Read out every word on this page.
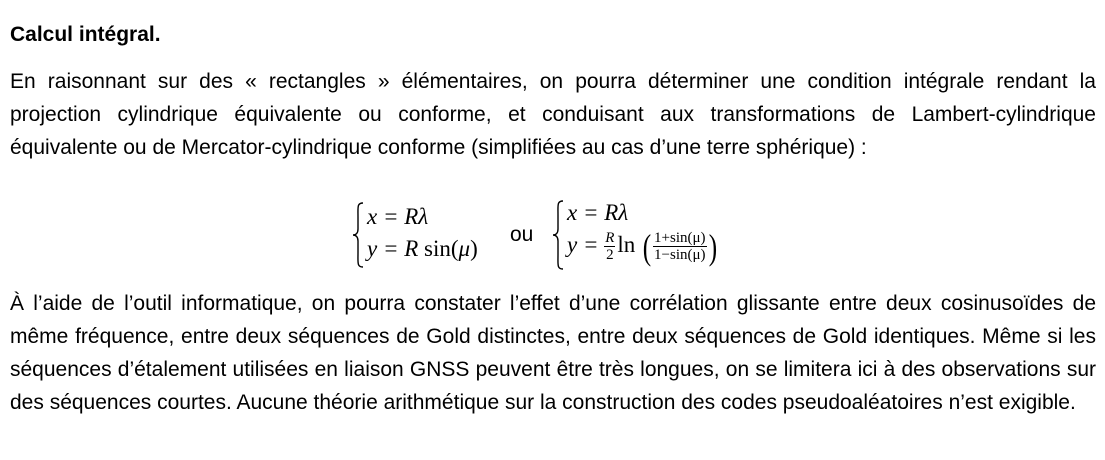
Calcul intégral.
En raisonnant sur des « rectangles » élémentaires, on pourra déterminer une condition intégrale rendant la projection cylindrique équivalente ou conforme, et conduisant aux transformations de Lambert-cylindrique équivalente ou de Mercator-cylindrique conforme (simplifiées au cas d’une terre sphérique) :
x = Rλ
y = R sin(μ)
ou
x = Rλ
$y = \frac{R}{2}$ ln ( $\frac{1+\sin(\mu)}{1-\sin(\mu)}$ )
À l’aide de l’outil informatique, on pourra constater l’effet d’une corrélation glissante entre deux cosinusoïdes de même fréquence, entre deux séquences de Gold distinctes, entre deux séquences de Gold identiques. Même si les séquences d’étalement utilisées en liaison GNSS peuvent être très longues, on se limitera ici à des observations sur des séquences courtes. Aucune théorie arithmétique sur la construction des codes pseudoaléatoires n’est exigible.
